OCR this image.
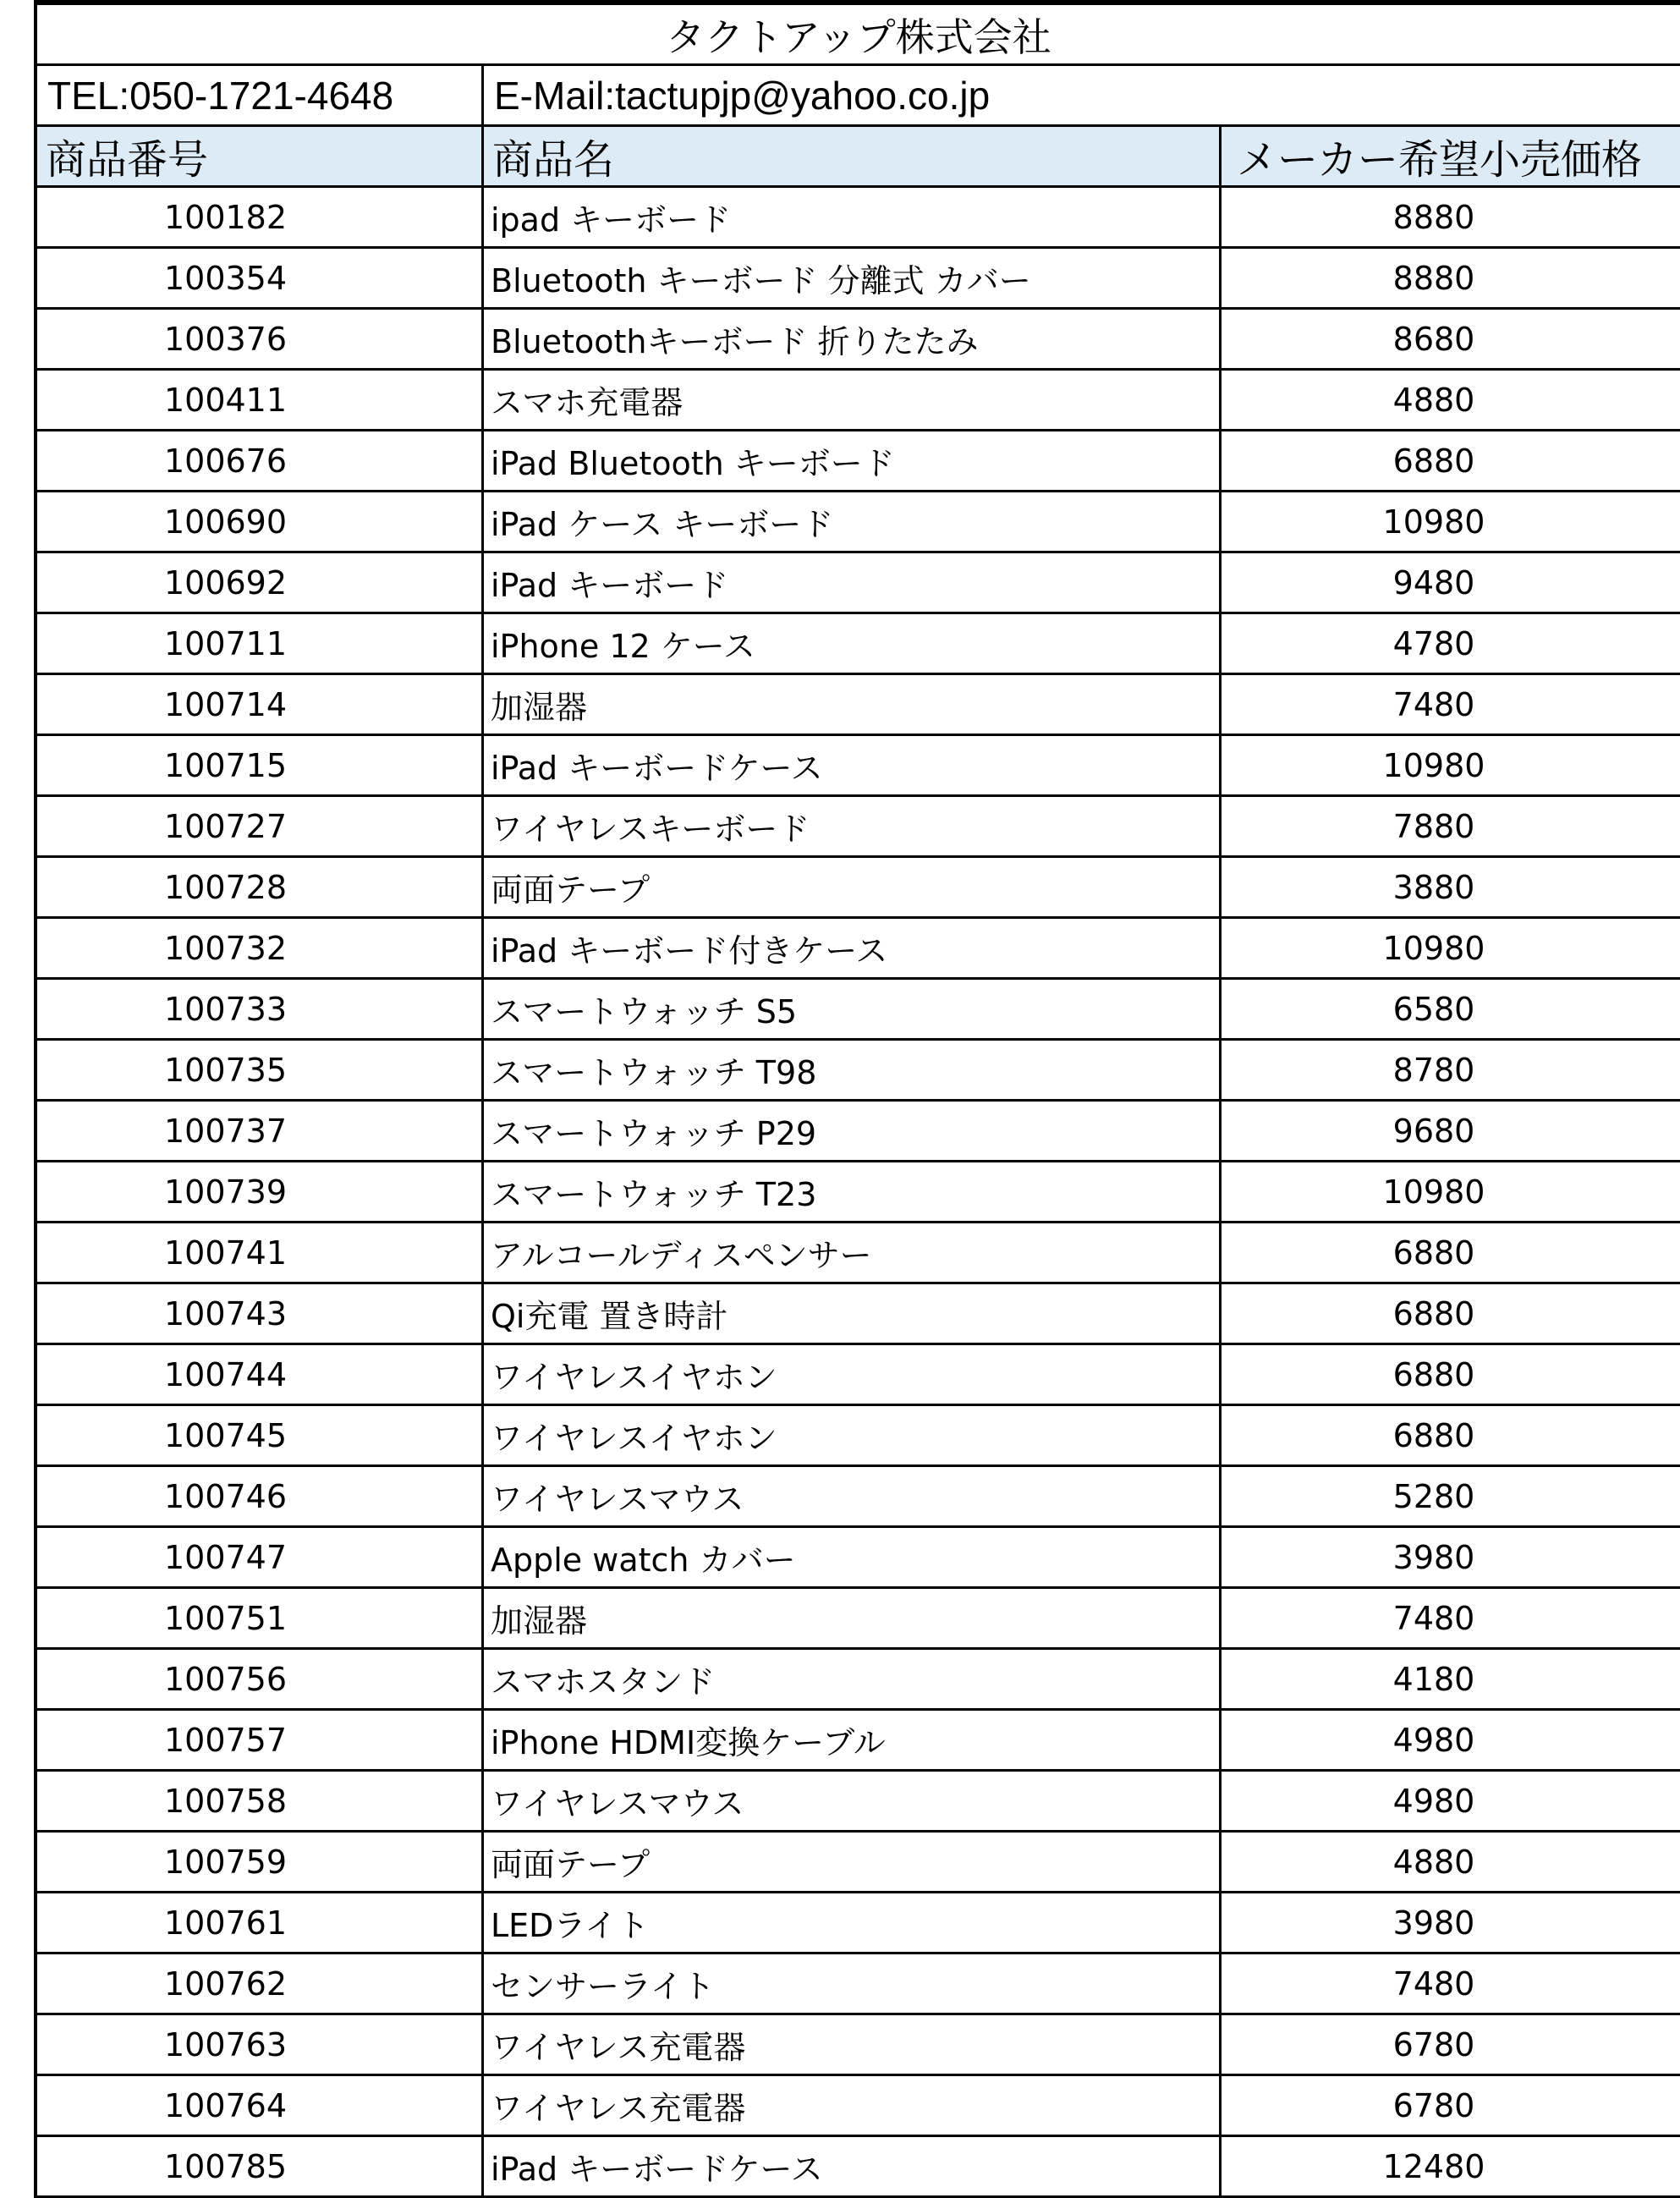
タクトアップ株式会社
TEL:050-1721-4648	E-Mail:tactupjp@yahoo.co.jp
商品番号	商品名	メーカー希望小売価格
100182	ipad キーボード	8880
100354	Bluetooth キーボード 分離式 カバー	8880
100376	Bluetoothキーボード 折りたたみ	8680
100411	スマホ充電器	4880
100676	iPad Bluetooth キーボード	6880
100690	iPad ケース キーボード	10980
100692	iPad キーボード	9480
100711	iPhone 12 ケース	4780
100714	加湿器	7480
100715	iPad キーボードケース	10980
100727	ワイヤレスキーボード	7880
100728	両面テープ	3880
100732	iPad キーボード付きケース	10980
100733	スマートウォッチ S5	6580
100735	スマートウォッチ T98	8780
100737	スマートウォッチ P29	9680
100739	スマートウォッチ T23	10980
100741	アルコールディスペンサー	6880
100743	Qi充電 置き時計	6880
100744	ワイヤレスイヤホン	6880
100745	ワイヤレスイヤホン	6880
100746	ワイヤレスマウス	5280
100747	Apple watch カバー	3980
100751	加湿器	7480
100756	スマホスタンド	4180
100757	iPhone HDMI変換ケーブル	4980
100758	ワイヤレスマウス	4980
100759	両面テープ	4880
100761	LEDライト	3980
100762	センサーライト	7480
100763	ワイヤレス充電器	6780
100764	ワイヤレス充電器	6780
100785	iPad キーボードケース	12480
